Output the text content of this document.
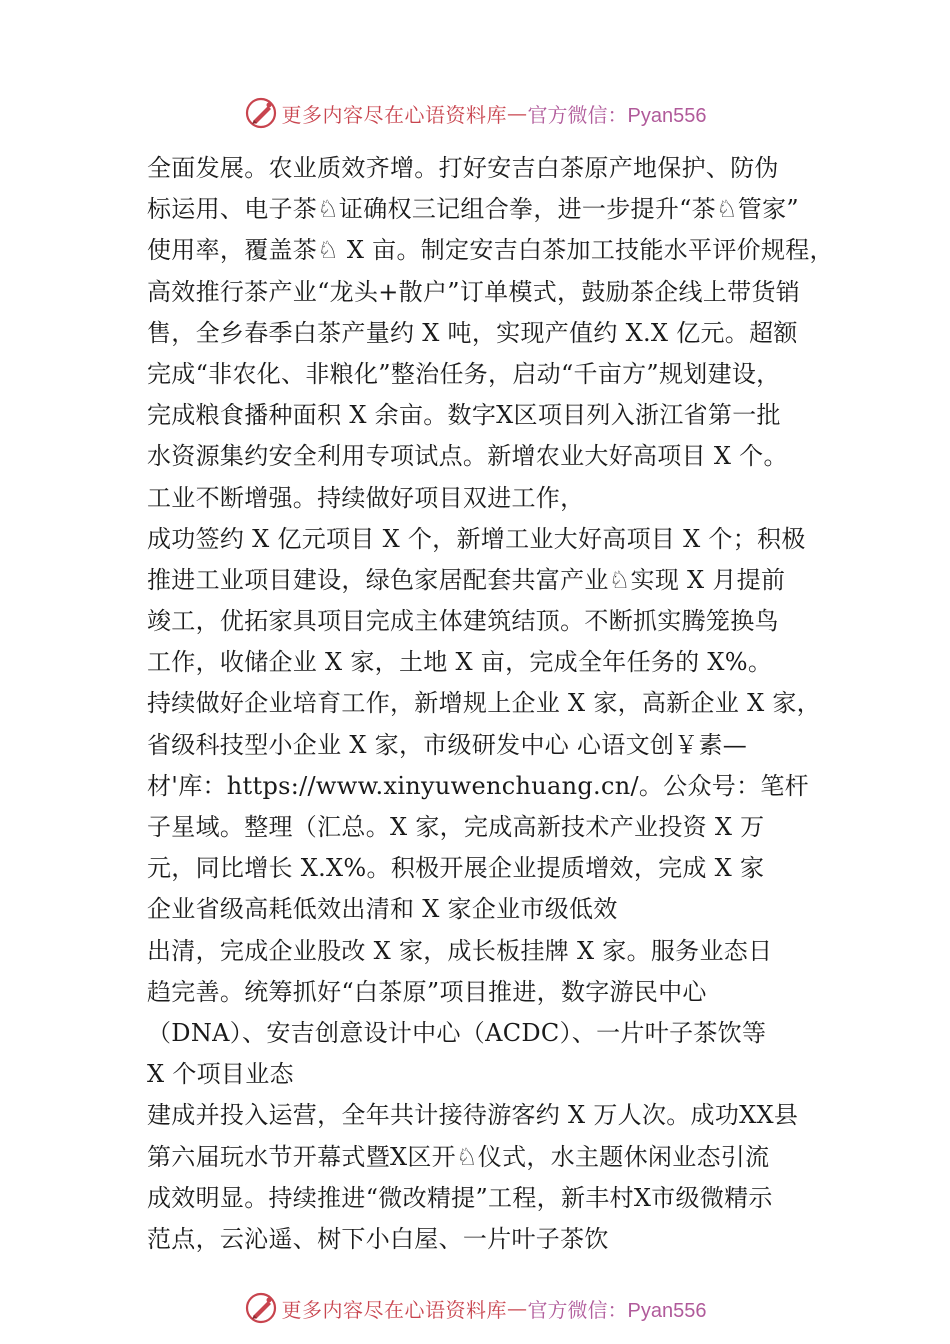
更多内容尽在心语资料库 — 官方微信：Pyan556
全面发展。农业质效齐增。打好安吉白茶原产地保护、防伪
标运用、电子茶♘证确权三记组合拳，进一步提升“茶♘管家”
使用率，覆盖茶♘ X 亩。制定安吉白茶加工技能水平评价规程，
高效推行茶产业“龙头+散户”订单模式，鼓励茶企线上带货销
售，全乡春季白茶产量约 X 吨，实现产值约 X.X 亿元。超额
完成“非农化、非粮化”整治任务，启动“千亩方”规划建设，
完成粮食播种面积 X 余亩。数字X区项目列入浙江省第一批
水资源集约安全利用专项试点。新增农业大好高项目 X 个。
工业不断增强。持续做好项目双进工作，
成功签约 X 亿元项目 X 个，新增工业大好高项目 X 个；积极
推进工业项目建设，绿色家居配套共富产业♘实现 X 月提前
竣工，优拓家具项目完成主体建筑结顶。不断抓实腾笼换鸟
工作，收储企业 X 家，土地 X 亩，完成全年任务的 X%。
持续做好企业培育工作，新增规上企业 X 家，高新企业 X 家，
省级科技型小企业 X 家，市级研发中心 心语文创￥素—
材'库：https://www.xinyuwenchuang.cn/。公众号：笔杆
子星域。整理（汇总。X 家，完成高新技术产业投资 X 万
元，同比增长 X.X%。积极开展企业提质增效，完成 X 家
企业省级高耗低效出清和 X 家企业市级低效
出清，完成企业股改 X 家，成长板挂牌 X 家。服务业态日
趋完善。统筹抓好“白茶原”项目推进，数字游民中心
（DNA）、安吉创意设计中心（ACDC）、一片叶子茶饮等
X 个项目业态
建成并投入运营，全年共计接待游客约 X 万人次。成功XX县
第六届玩水节开幕式暨X区开♘仪式，水主题休闲业态引流
成效明显。持续推进“微改精提”工程，新丰村X市级微精示
范点，云沁遥、树下小白屋、一片叶子茶饮
更多内容尽在心语资料库 — 官方微信：Pyan556
